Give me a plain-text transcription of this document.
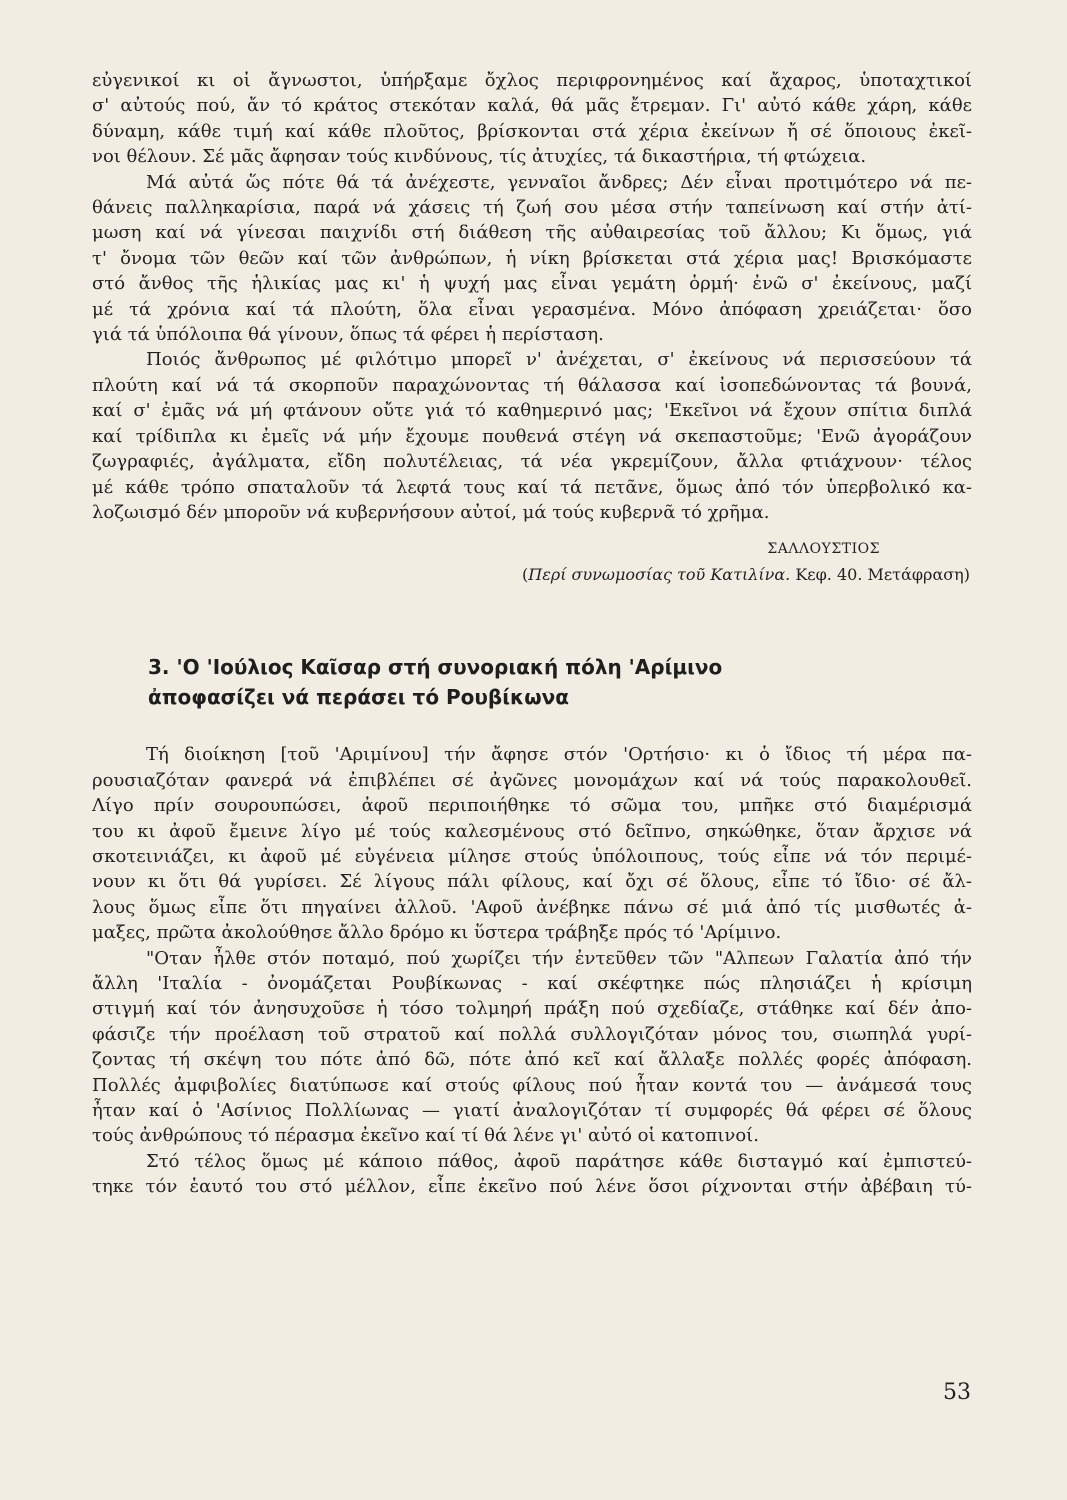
εὐγενικοί κι οἱ ἄγνωστοι, ὑπήρξαμε ὄχλος περιφρονημένος καί ἄχαρος, ὑποταχτικοί
σ' αὐτούς πού, ἄν τό κράτος στεκόταν καλά, θά μᾶς ἔτρεμαν. Γι' αὐτό κάθε χάρη, κάθε
δύναμη, κάθε τιμή καί κάθε πλοῦτος, βρίσκονται στά χέρια ἐκείνων ἤ σέ ὅποιους ἐκεῖ-
νοι θέλουν. Σέ μᾶς ἄφησαν τούς κινδύνους, τίς ἀτυχίες, τά δικαστήρια, τή φτώχεια.

Μά αὐτά ὥς πότε θά τά ἀνέχεστε, γενναῖοι ἄνδρες; Δέν εἶναι προτιμότερο νά πε-
θάνεις παλληκαρίσια, παρά νά χάσεις τή ζωή σου μέσα στήν ταπείνωση καί στήν ἀτί-
μωση καί νά γίνεσαι παιχνίδι στή διάθεση τῆς αὐθαιρεσίας τοῦ ἄλλου; Κι ὅμως, γιά
τ' ὄνομα τῶν θεῶν καί τῶν ἀνθρώπων, ἡ νίκη βρίσκεται στά χέρια μας! Βρισκόμαστε
στό ἄνθος τῆς ἡλικίας μας κι' ἡ ψυχή μας εἶναι γεμάτη ὁρμή· ἐνῶ σ' ἐκείνους, μαζί
μέ τά χρόνια καί τά πλούτη, ὅλα εἶναι γερασμένα. Μόνο ἀπόφαση χρειάζεται· ὅσο
γιά τά ὑπόλοιπα θά γίνουν, ὅπως τά φέρει ἡ περίσταση.

Ποιός ἄνθρωπος μέ φιλότιμο μπορεῖ ν' ἀνέχεται, σ' ἐκείνους νά περισσεύουν τά
πλούτη καί νά τά σκορποῦν παραχώνοντας τή θάλασσα καί ἰσοπεδώνοντας τά βουνά,
καί σ' ἐμᾶς νά μή φτάνουν οὔτε γιά τό καθημερινό μας; 'Εκεῖνοι νά ἔχουν σπίτια διπλά
καί τρίδιπλα κι ἐμεῖς νά μήν ἔχουμε πουθενά στέγη νά σκεπαστοῦμε; 'Ενῶ ἀγοράζουν
ζωγραφιές, ἀγάλματα, εἴδη πολυτέλειας, τά νέα γκρεμίζουν, ἄλλα φτιάχνουν· τέλος
μέ κάθε τρόπο σπαταλοῦν τά λεφτά τους καί τά πετᾶνε, ὅμως ἀπό τόν ὑπερβολικό κα-
λοζωισμό δέν μποροῦν νά κυβερνήσουν αὐτοί, μά τούς κυβερνᾶ τό χρῆμα.

ΣΑΛΛΟΥΣΤΙΟΣ
(Περί συνωμοσίας τοῦ Κατιλίνα. Κεφ. 40. Μετάφραση)
3. 'Ο 'Ιούλιος Καῖσαρ στή συνοριακή πόλη 'Αρίμινο
ἀποφασίζει νά περάσει τό Ρουβίκωνα

Τή διοίκηση [τοῦ 'Αριμίνου] τήν ἄφησε στόν 'Ορτήσιο· κι ὁ ἴδιος τή μέρα πα-
ρουσιαζόταν φανερά νά ἐπιβλέπει σέ ἀγῶνες μονομάχων καί νά τούς παρακολουθεῖ.
Λίγο πρίν σουρουπώσει, ἀφοῦ περιποιήθηκε τό σῶμα του, μπῆκε στό διαμέρισμά
του κι ἀφοῦ ἔμεινε λίγο μέ τούς καλεσμένους στό δεῖπνο, σηκώθηκε, ὅταν ἄρχισε νά
σκοτεινιάζει, κι ἀφοῦ μέ εὐγένεια μίλησε στούς ὑπόλοιπους, τούς εἶπε νά τόν περιμέ-
νουν κι ὅτι θά γυρίσει. Σέ λίγους πάλι φίλους, καί ὄχι σέ ὅλους, εἶπε τό ἴδιο· σέ ἄλ-
λους ὅμως εἶπε ὅτι πηγαίνει ἀλλοῦ. 'Αφοῦ ἀνέβηκε πάνω σέ μιά ἀπό τίς μισθωτές ἁ-
μαξες, πρῶτα ἀκολούθησε ἄλλο δρόμο κι ὕστερα τράβηξε πρός τό 'Αρίμινο.

"Οταν ἦλθε στόν ποταμό, πού χωρίζει τήν ἐντεῦθεν τῶν "Αλπεων Γαλατία ἀπό τήν
ἄλλη 'Ιταλία - ὀνομάζεται Ρουβίκωνας - καί σκέφτηκε πώς πλησιάζει ἡ κρίσιμη
στιγμή καί τόν ἀνησυχοῦσε ἡ τόσο τολμηρή πράξη πού σχεδίαζε, στάθηκε καί δέν ἀπο-
φάσιζε τήν προέλαση τοῦ στρατοῦ καί πολλά συλλογιζόταν μόνος του, σιωπηλά γυρί-
ζοντας τή σκέψη του πότε ἀπό δῶ, πότε ἀπό κεῖ καί ἄλλαξε πολλές φορές ἀπόφαση.
Πολλές ἀμφιβολίες διατύπωσε καί στούς φίλους πού ἦταν κοντά του — ἀνάμεσά τους
ἦταν καί ὁ 'Ασίνιος Πολλίωνας — γιατί ἀναλογιζόταν τί συμφορές θά φέρει σέ ὅλους
τούς ἀνθρώπους τό πέρασμα ἐκεῖνο καί τί θά λένε γι' αὐτό οἱ κατοπινοί.

Στό τέλος ὅμως μέ κάποιο πάθος, ἀφοῦ παράτησε κάθε δισταγμό καί ἐμπιστεύ-
τηκε τόν ἑαυτό του στό μέλλον, εἶπε ἐκεῖνο πού λένε ὅσοι ρίχνονται στήν ἀβέβαιη τύ-

53
